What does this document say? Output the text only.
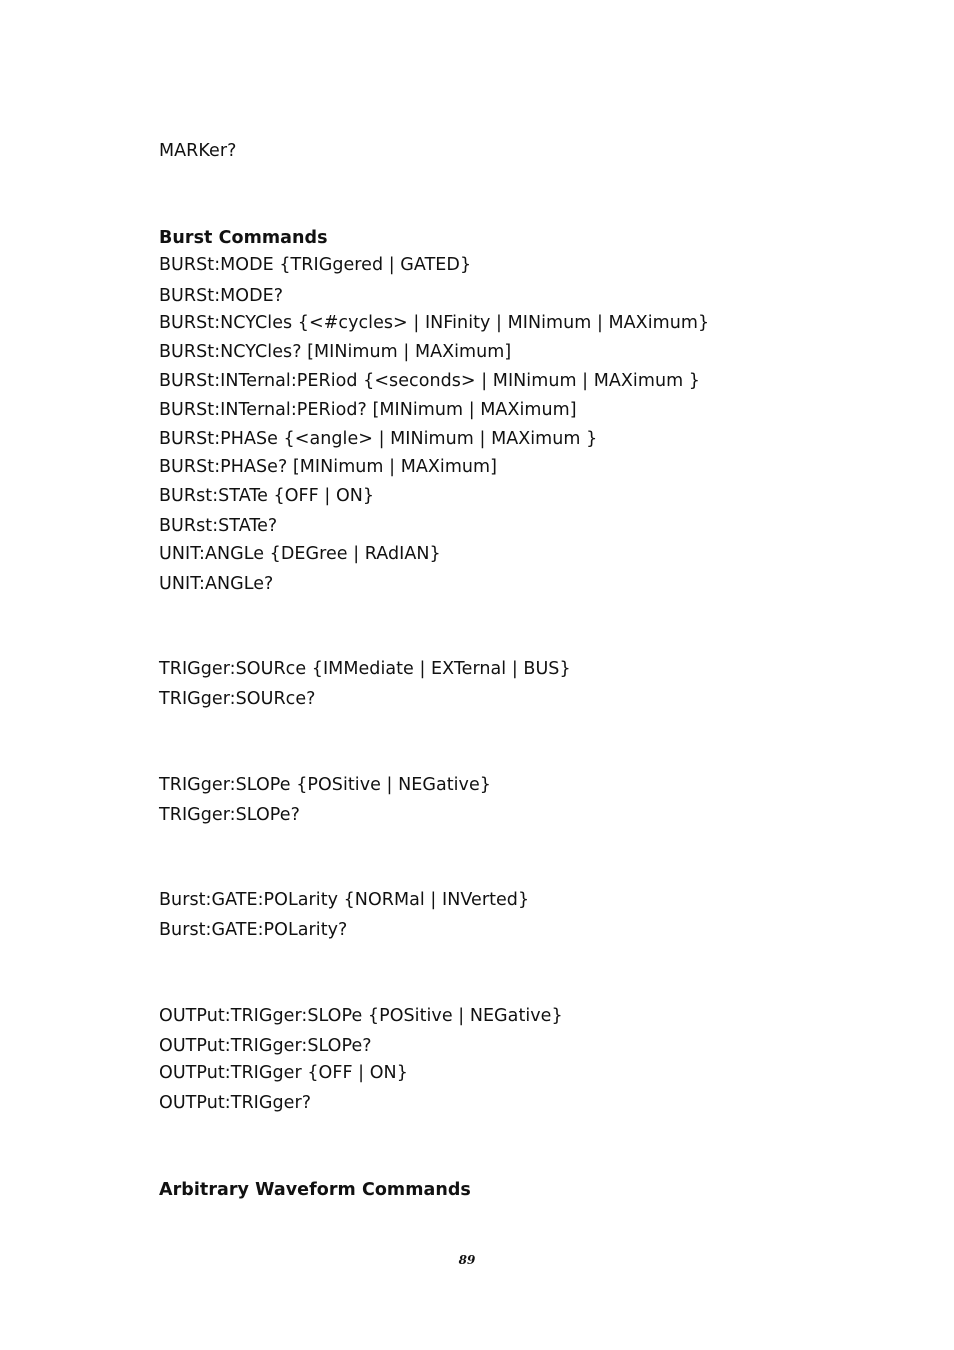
MARKer?
Burst Commands
BURSt:MODE {TRIGgered | GATED}
BURSt:MODE?
BURSt:NCYCles {<#cycles> | INFinity | MINimum | MAXimum}
BURSt:NCYCles? [MINimum | MAXimum]
BURSt:INTernal:PERiod {<seconds> | MINimum | MAXimum }
BURSt:INTernal:PERiod? [MINimum | MAXimum]
BURSt:PHASe {<angle> | MINimum | MAXimum }
BURSt:PHASe? [MINimum | MAXimum]
BURst:STATe {OFF | ON}
BURst:STATe?
UNIT:ANGLe {DEGree | RAdIAN}
UNIT:ANGLe?
TRIGger:SOURce {IMMediate | EXTernal | BUS}
TRIGger:SOURce?
TRIGger:SLOPe {POSitive | NEGative}
TRIGger:SLOPe?
Burst:GATE:POLarity {NORMal | INVerted}
Burst:GATE:POLarity?
OUTPut:TRIGger:SLOPe {POSitive | NEGative}
OUTPut:TRIGger:SLOPe?
OUTPut:TRIGger {OFF | ON}
OUTPut:TRIGger?
Arbitrary Waveform Commands
89
